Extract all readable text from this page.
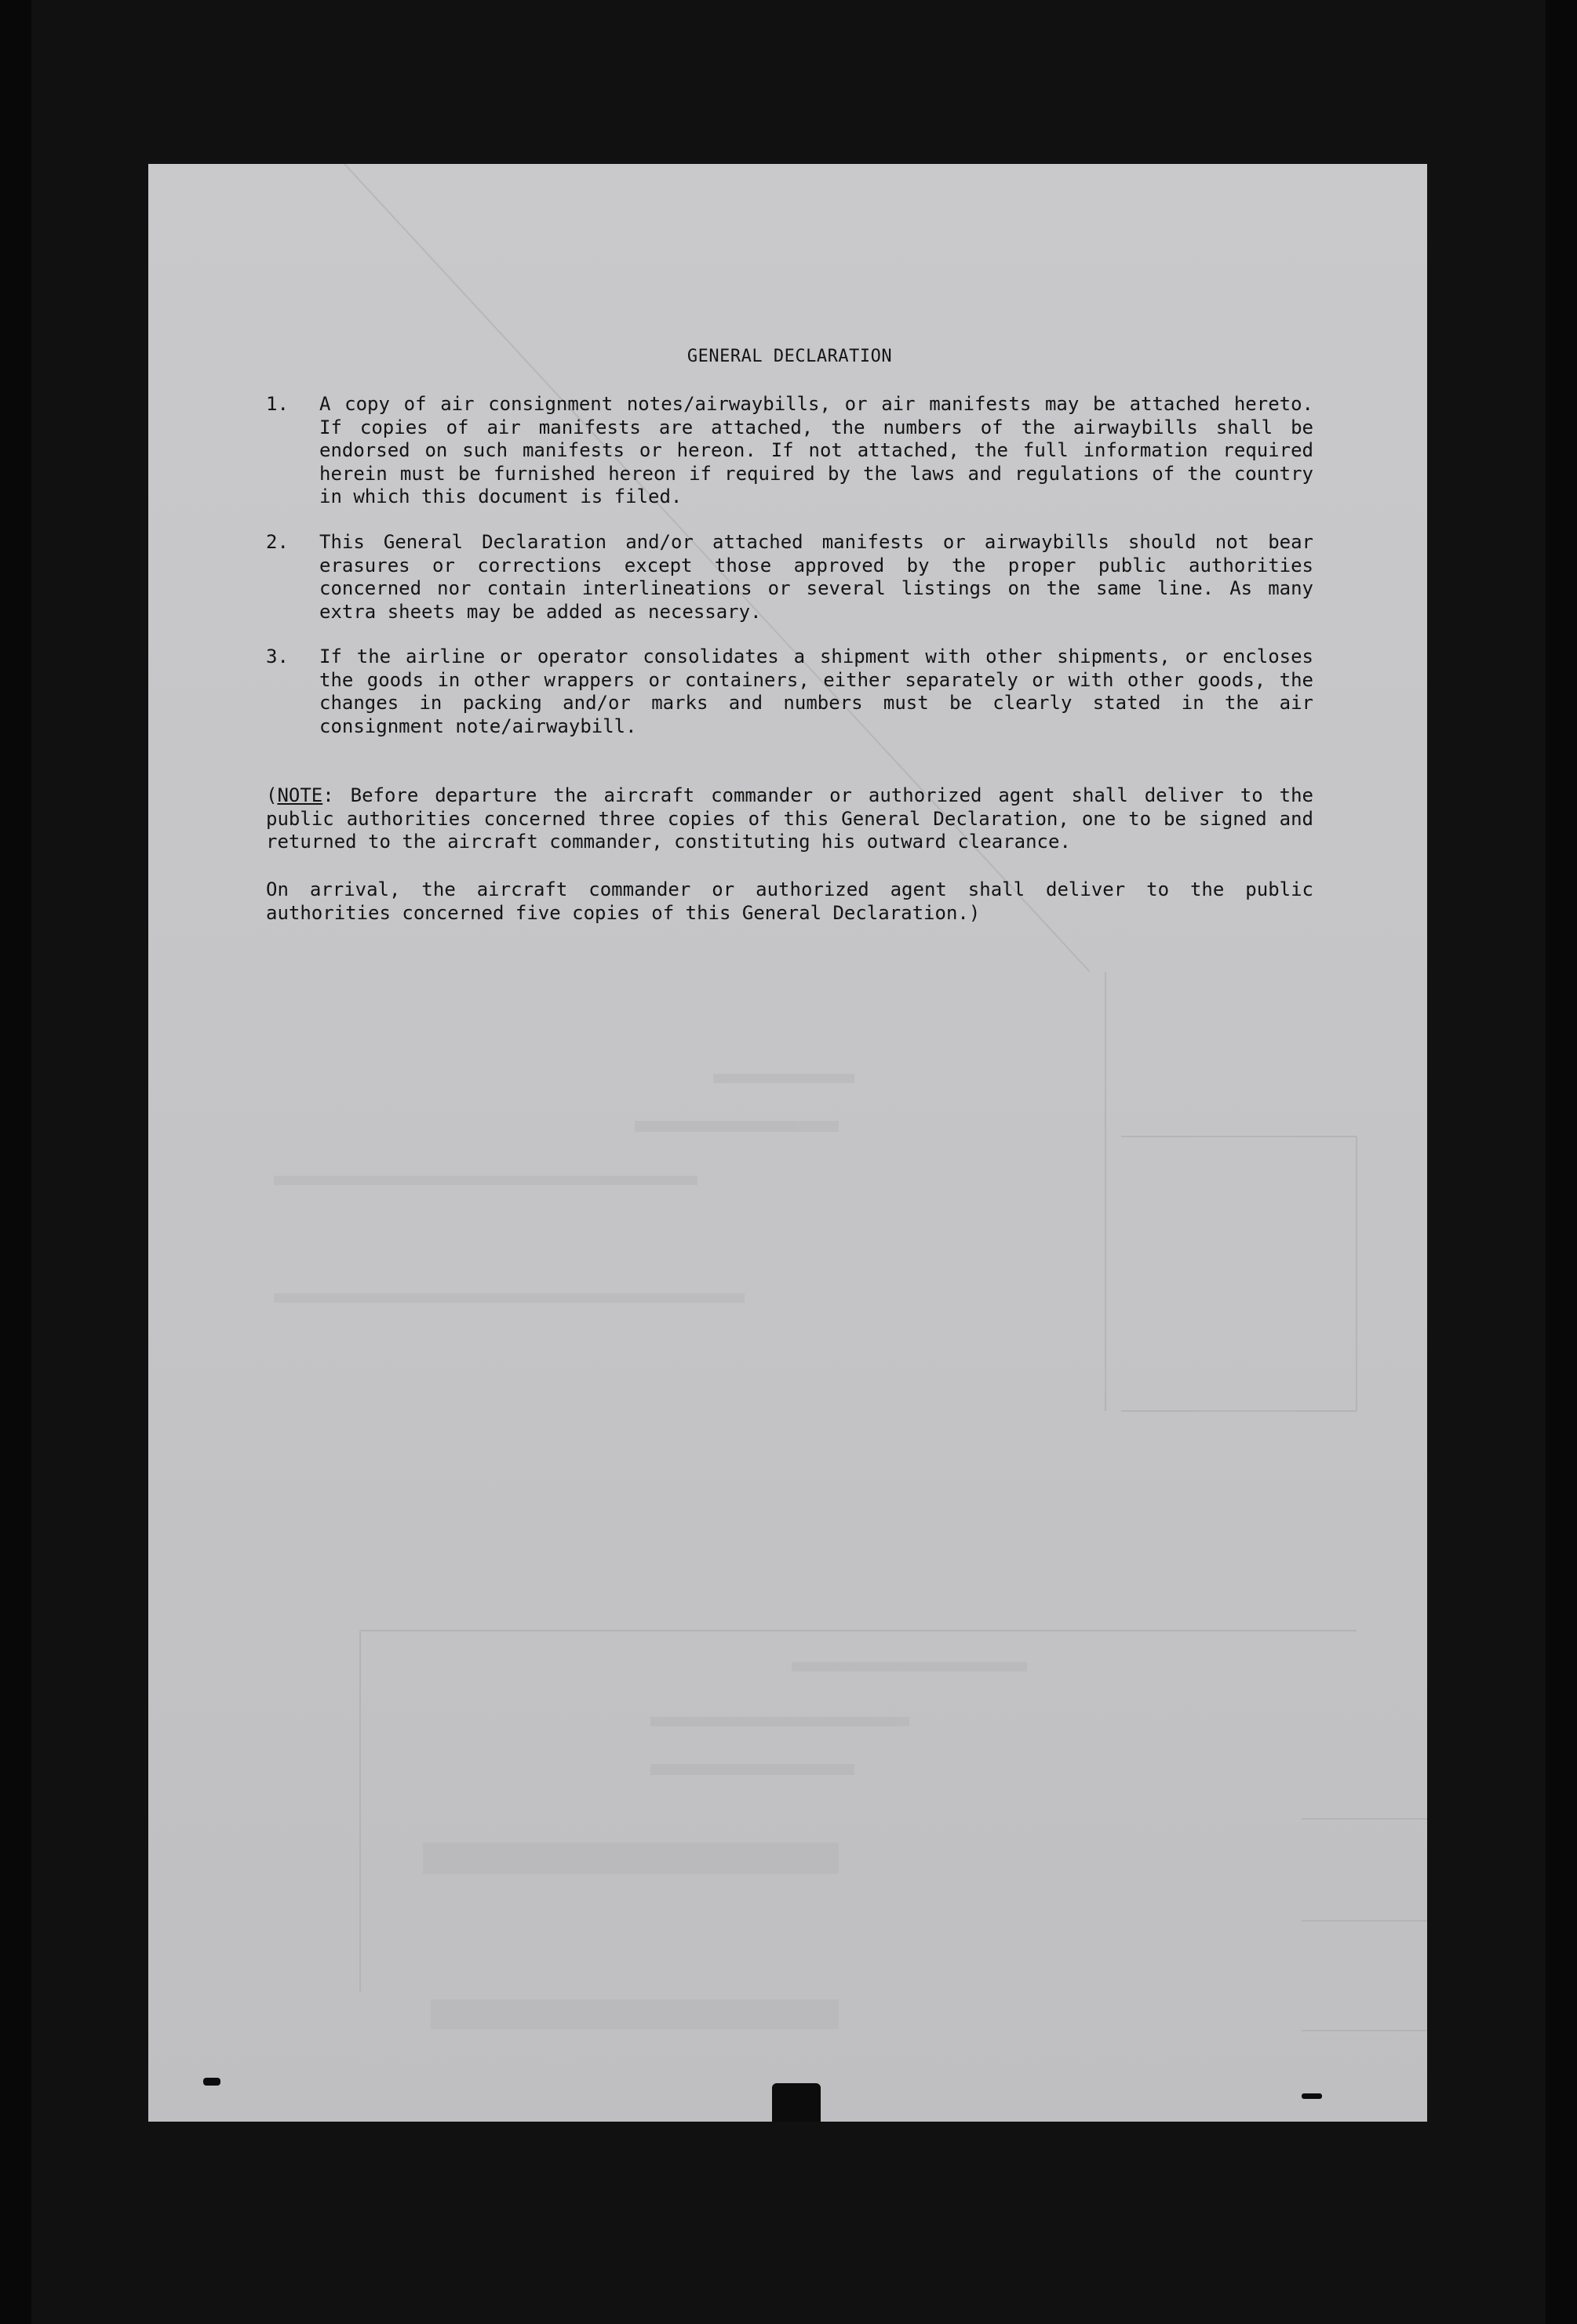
GENERAL DECLARATION
1. A copy of air consignment notes/airwaybills, or air manifests may be attached hereto. If copies of air manifests are attached, the numbers of the airwaybills shall be endorsed on such manifests or hereon. If not attached, the full information required herein must be furnished hereon if required by the laws and regulations of the country in which this document is filed.
2. This General Declaration and/or attached manifests or airwaybills should not bear erasures or corrections except those approved by the proper public authorities concerned nor contain interlineations or several listings on the same line. As many extra sheets may be added as necessary.
3. If the airline or operator consolidates a shipment with other shipments, or encloses the goods in other wrappers or containers, either separately or with other goods, the changes in packing and/or marks and numbers must be clearly stated in the air consignment note/airwaybill.
(NOTE: Before departure the aircraft commander or authorized agent shall deliver to the public authorities concerned three copies of this General Declaration, one to be signed and returned to the aircraft commander, constituting his outward clearance.
On arrival, the aircraft commander or authorized agent shall deliver to the public authorities concerned five copies of this General Declaration.)
